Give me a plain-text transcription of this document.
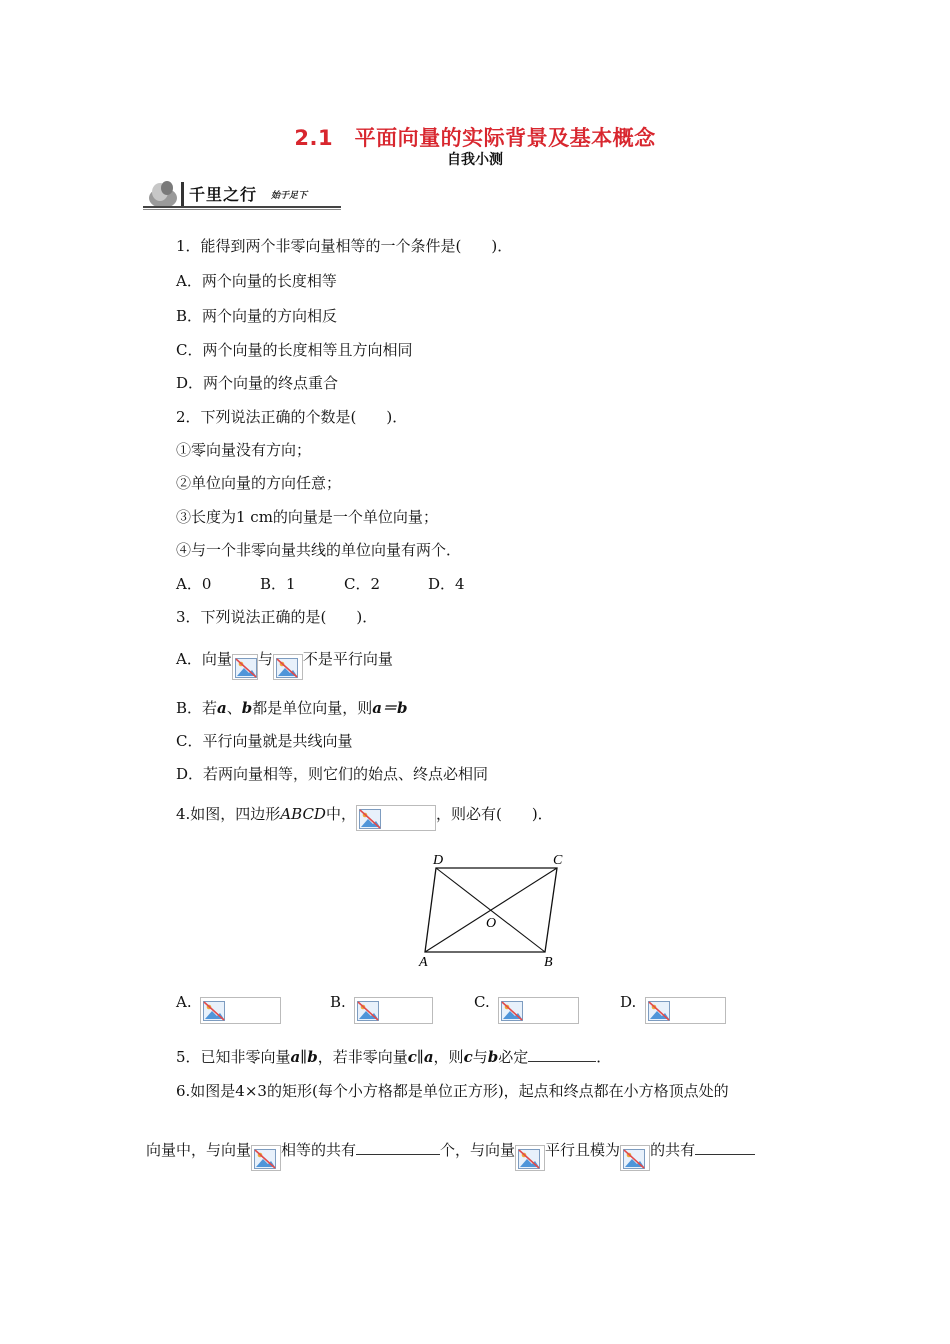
2.1　平面向量的实际背景及基本概念
自我小测
千里之行 始于足下
1．能得到两个非零向量相等的一个条件是(　　)．
A．两个向量的长度相等
B．两个向量的方向相反
C．两个向量的长度相等且方向相同
D．两个向量的终点重合
2．下列说法正确的个数是(　　)．
①零向量没有方向；
②单位向量的方向任意；
③长度为1 cm的向量是一个单位向量；
④与一个非零向量共线的单位向量有两个．
A．0	B．1	C．2	D．4
3．下列说法正确的是(　　)．
A．向量 与 不是平行向量
B．若a、b都是单位向量，则a＝b
C．平行向量就是共线向量
D．若两向量相等，则它们的始点、终点必相同
4.如图，四边形ABCD中，	，则必有(　　)．
D	C
A	B
O
A.	B.	C.	D.
5．已知非零向量a∥b，若非零向量c∥a，则c与b必定	．
6.如图是4×3的矩形(每个小方格都是单位正方形)，起点和终点都在小方格顶点处的
向量中，与向量 相等的共有	个，与向量 平行且模为 的共有
